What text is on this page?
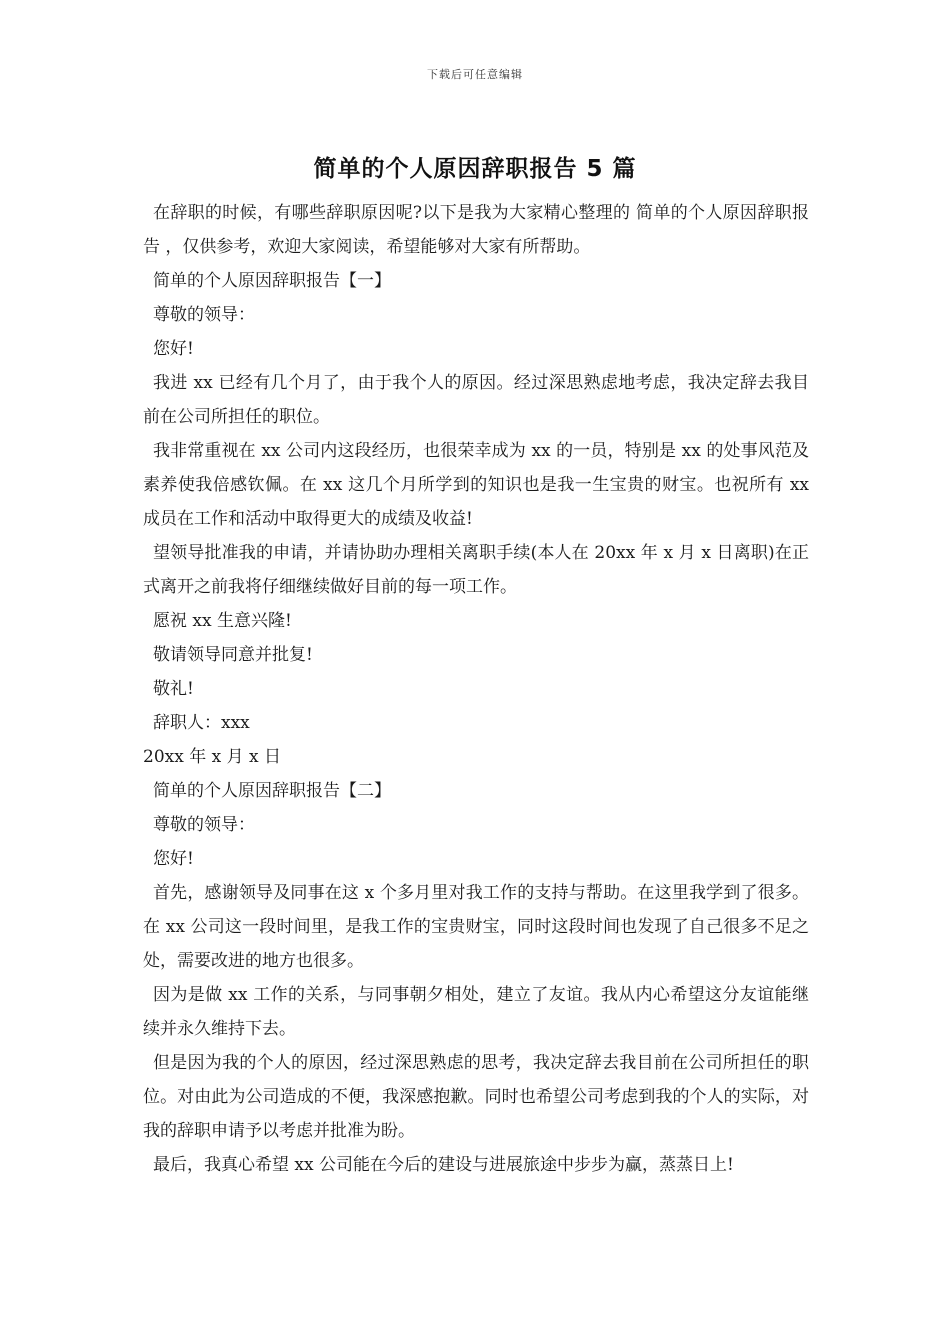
下载后可任意编辑
简单的个人原因辞职报告 5 篇

在辞职的时候，有哪些辞职原因呢?以下是我为大家精心整理的 简单的个人原因辞职报告 ，仅供参考，欢迎大家阅读，希望能够对大家有所帮助。

简单的个人原因辞职报告【一】

尊敬的领导：

您好!

我进 xx 已经有几个月了，由于我个人的原因。经过深思熟虑地考虑，我决定辞去我目前在公司所担任的职位。

我非常重视在 xx 公司内这段经历，也很荣幸成为 xx 的一员，特别是 xx 的处事风范及素养使我倍感钦佩。在 xx 这几个月所学到的知识也是我一生宝贵的财宝。也祝所有 xx 成员在工作和活动中取得更大的成绩及收益!

望领导批准我的申请，并请协助办理相关离职手续(本人在 20xx 年 x 月 x 日离职)在正式离开之前我将仔细继续做好目前的每一项工作。

愿祝 xx 生意兴隆!

敬请领导同意并批复!

敬礼!

辞职人：xxx

20xx 年 x 月 x 日

简单的个人原因辞职报告【二】

尊敬的领导：

您好!

首先，感谢领导及同事在这 x 个多月里对我工作的支持与帮助。在这里我学到了很多。在 xx 公司这一段时间里，是我工作的宝贵财宝，同时这段时间也发现了自己很多不足之处，需要改进的地方也很多。

因为是做 xx 工作的关系，与同事朝夕相处，建立了友谊。我从内心希望这分友谊能继续并永久维持下去。

但是因为我的个人的原因，经过深思熟虑的思考，我决定辞去我目前在公司所担任的职位。对由此为公司造成的不便，我深感抱歉。同时也希望公司考虑到我的个人的实际，对我的辞职申请予以考虑并批准为盼。

最后，我真心希望 xx 公司能在今后的建设与进展旅途中步步为赢，蒸蒸日上!
